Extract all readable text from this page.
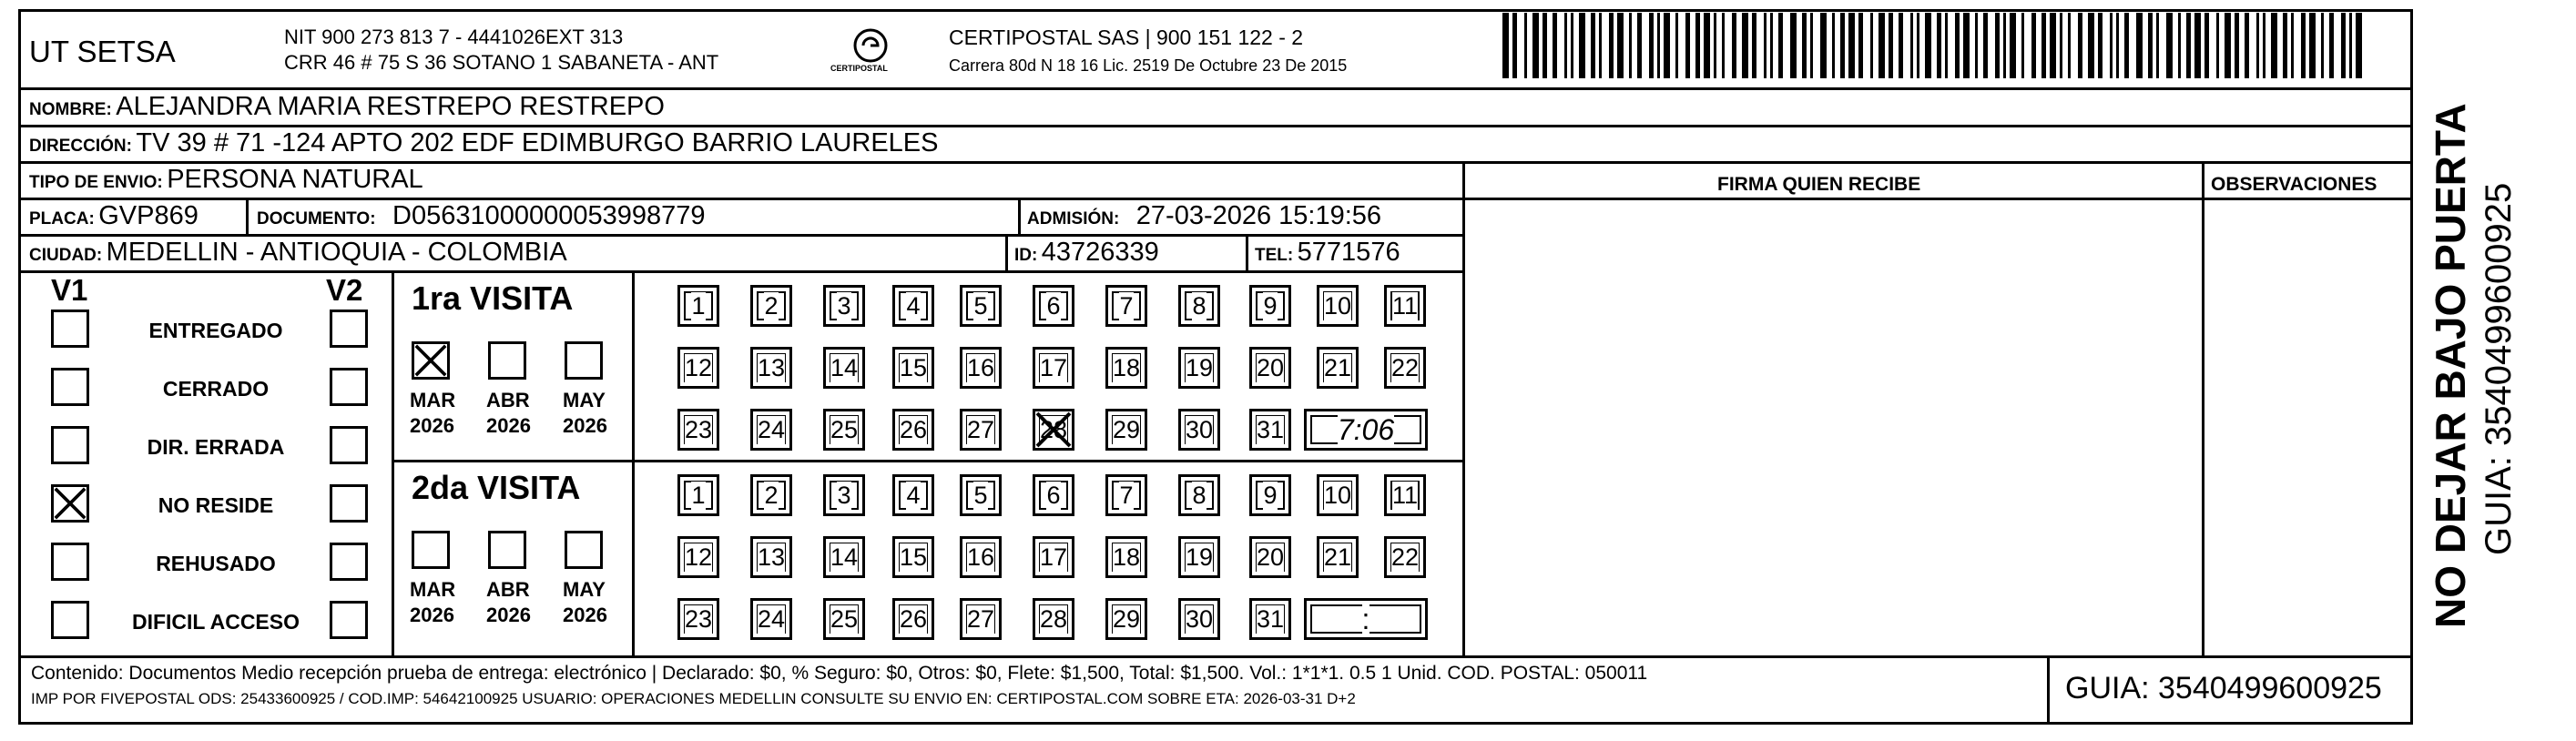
UT SETSA	NIT 900 273 813 7 - 4441026EXT 313
CRR 46 # 75 S 36 SOTANO 1 SABANETA - ANT	CERTIPOSTAL
CERTIPOSTAL SAS | 900 151 122 - 2
Carrera 80d N 18 16 Lic. 2519 De Octubre 23 De 2015
NOMBRE: ALEJANDRA MARIA RESTREPO RESTREPO
DIRECCIÓN: TV 39 # 71 -124 APTO 202 EDF EDIMBURGO BARRIO LAURELES
TIPO DE ENVIO: PERSONA NATURAL	FIRMA QUIEN RECIBE	OBSERVACIONES
PLACA: GVP869	DOCUMENTO: D05631000000053998779	ADMISIÓN: 27-03-2026 15:19:56
CIUDAD: MEDELLIN - ANTIOQUIA - COLOMBIA	ID: 43726339	TEL: 5771576
V1	V2
ENTREGADO
CERRADO
DIR. ERRADA
NO RESIDE
REHUSADO
DIFICIL ACCESO
1ra VISITA
MAR
2026
ABR
2026
MAY
2026
1 2 3 4 5 6 7 8 9 10 11
12 13 14 15 16 17 18 19 20 21 22
23 24 25 26 27 28 29 30 31 7:06
2da VISITA
MAR
2026
ABR
2026
MAY
2026
1 2 3 4 5 6 7 8 9 10 11
12 13 14 15 16 17 18 19 20 21 22
23 24 25 26 27 28 29 30 31	:
Contenido: Documentos Medio recepción prueba de entrega: electrónico | Declarado: $0, % Seguro: $0, Otros: $0, Flete: $1,500, Total: $1,500. Vol.: 1*1*1. 0.5 1 Unid. COD. POSTAL: 050011
IMP POR FIVEPOSTAL ODS: 25433600925 / COD.IMP: 54642100925 USUARIO: OPERACIONES MEDELLIN CONSULTE SU ENVIO EN: CERTIPOSTAL.COM SOBRE ETA: 2026-03-31 D+2	GUIA: 3540499600925
NO DEJAR BAJO PUERTA GUIA: 3540499600925
